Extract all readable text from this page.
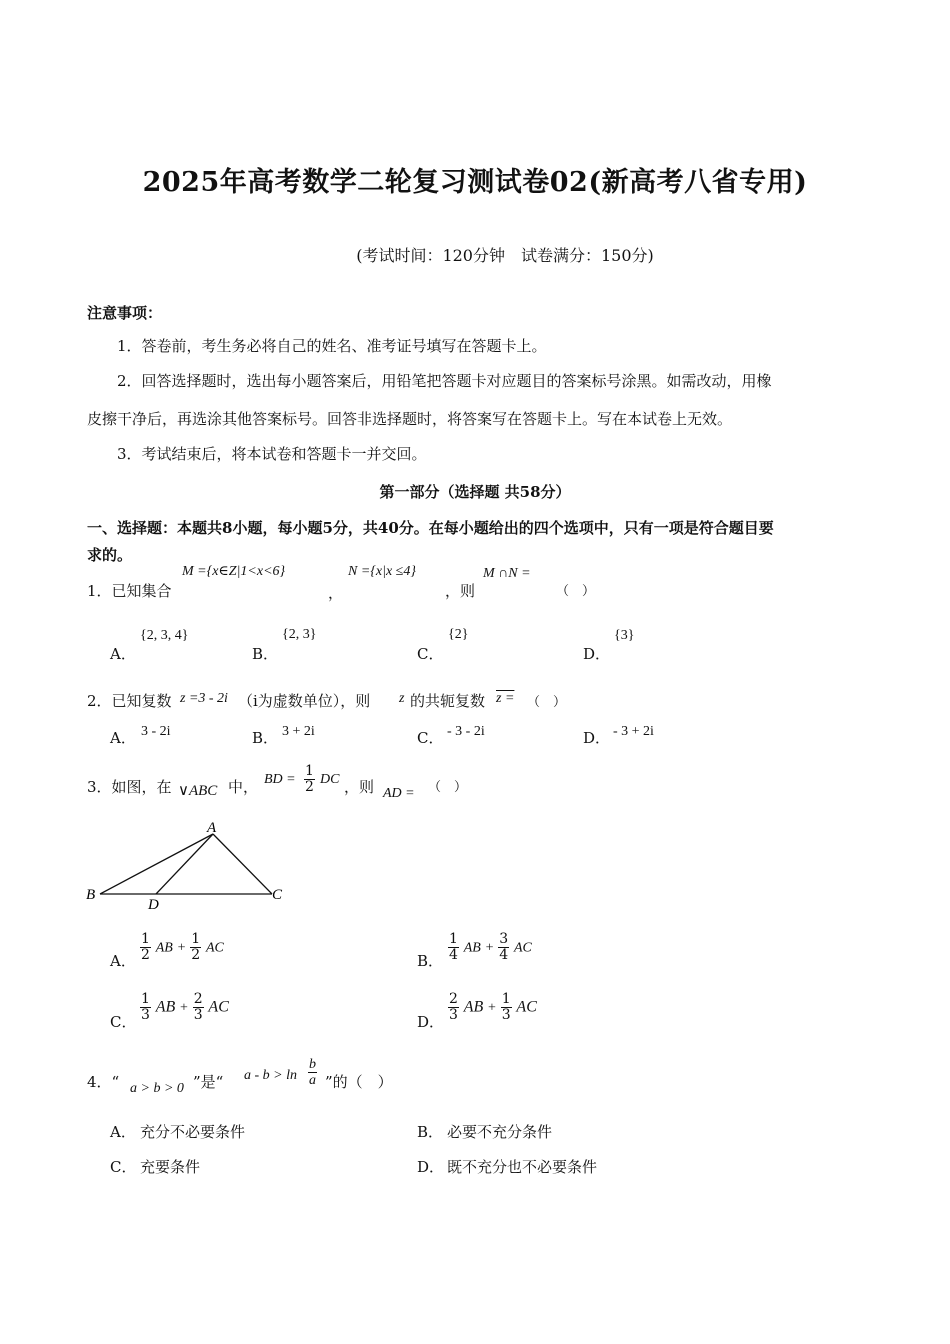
2025年高考数学二轮复习测试卷02(新高考八省专用)
(考试时间：120分钟　试卷满分：150分)
注意事项：
1．答卷前，考生务必将自己的姓名、准考证号填写在答题卡上。
2．回答选择题时，选出每小题答案后，用铅笔把答题卡对应题目的答案标号涂黑。如需改动，用橡
皮擦干净后，再选涂其他答案标号。回答非选择题时，将答案写在答题卡上。写在本试卷上无效。
3．考试结束后，将本试卷和答题卡一并交回。
第一部分（选择题 共58分）
一、选择题：本题共8小题，每小题5分，共40分。在每小题给出的四个选项中，只有一项是符合题目要
求的。
1．已知集合
M ={x∈Z|1<x<6}
，
N ={x|x ≤4}
，则
M ∩N =
（　）
A．
{2, 3, 4}
B．
{2, 3}
C．
{2}
D．
{3}
2．已知复数 z =3 - 2i （i为虚数单位），则 z 的共轭复数 z = （　）
A． 3 - 2i	B． 3 + 2i	C． - 3 - 2i	D． - 3 + 2i
3．如图，在 ∨ABC 中， BD = $\frac{1}{2}$ DC ，则 AD = （　）
A
B	C
D
A． $\frac{1}{2}$ AB + $\frac{1}{2}$ AC
B． $\frac{1}{4}$ AB + $\frac{3}{4}$ AC
C． $\frac{1}{3}$ AB + $\frac{2}{3}$ AC
D． $\frac{2}{3}$ AB + $\frac{1}{3}$ AC
4．“ a > b > 0 ”是“ $a - b > \ln \frac{b}{a}$ ”的（　）
A． 充分不必要条件	B． 必要不充分条件
C． 充要条件	D． 既不充分也不必要条件
